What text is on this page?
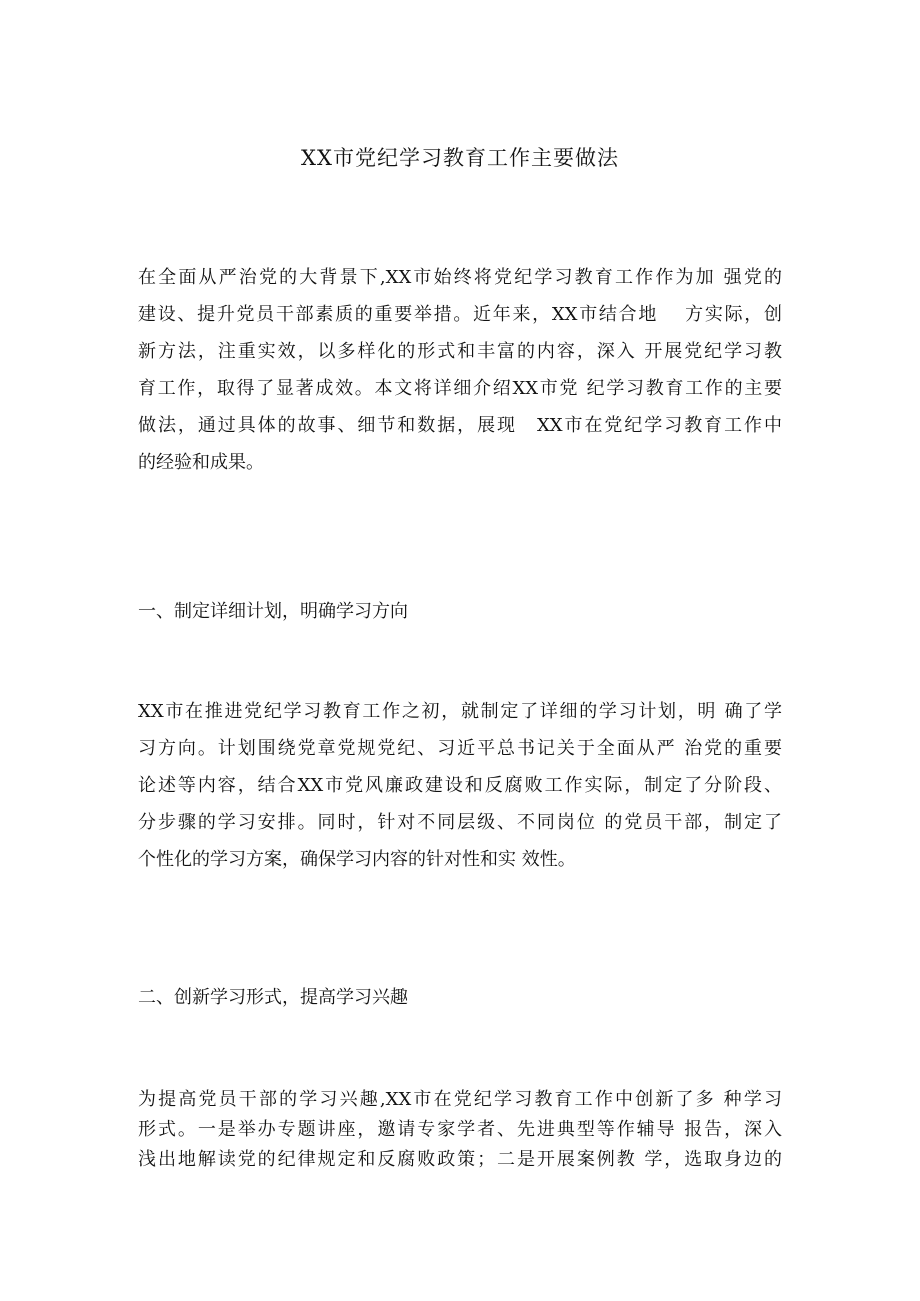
XX市党纪学习教育工作主要做法
在全面从严治党的大背景下,XX市始终将党纪学习教育工作作为加 强党的
建设、提升党员干部素质的重要举措。近年来，XX市结合地　 方实际，创
新方法，注重实效，以多样化的形式和丰富的内容，深入 开展党纪学习教
育工作，取得了显著成效。本文将详细介绍XX市党 纪学习教育工作的主要
做法，通过具体的故事、细节和数据，展现　XX市在党纪学习教育工作中
的经验和成果。
一、制定详细计划，明确学习方向
XX市在推进党纪学习教育工作之初，就制定了详细的学习计划，明 确了学
习方向。计划围绕党章党规党纪、习近平总书记关于全面从严 治党的重要
论述等内容，结合XX市党风廉政建设和反腐败工作实际，制定了分阶段、
分步骤的学习安排。同时，针对不同层级、不同岗位 的党员干部，制定了
个性化的学习方案，确保学习内容的针对性和实 效性。
二、创新学习形式，提高学习兴趣
为提高党员干部的学习兴趣,XX市在党纪学习教育工作中创新了多 种学习
形式。一是举办专题讲座，邀请专家学者、先进典型等作辅导 报告，深入
浅出地解读党的纪律规定和反腐败政策；二是开展案例教 学，选取身边的
